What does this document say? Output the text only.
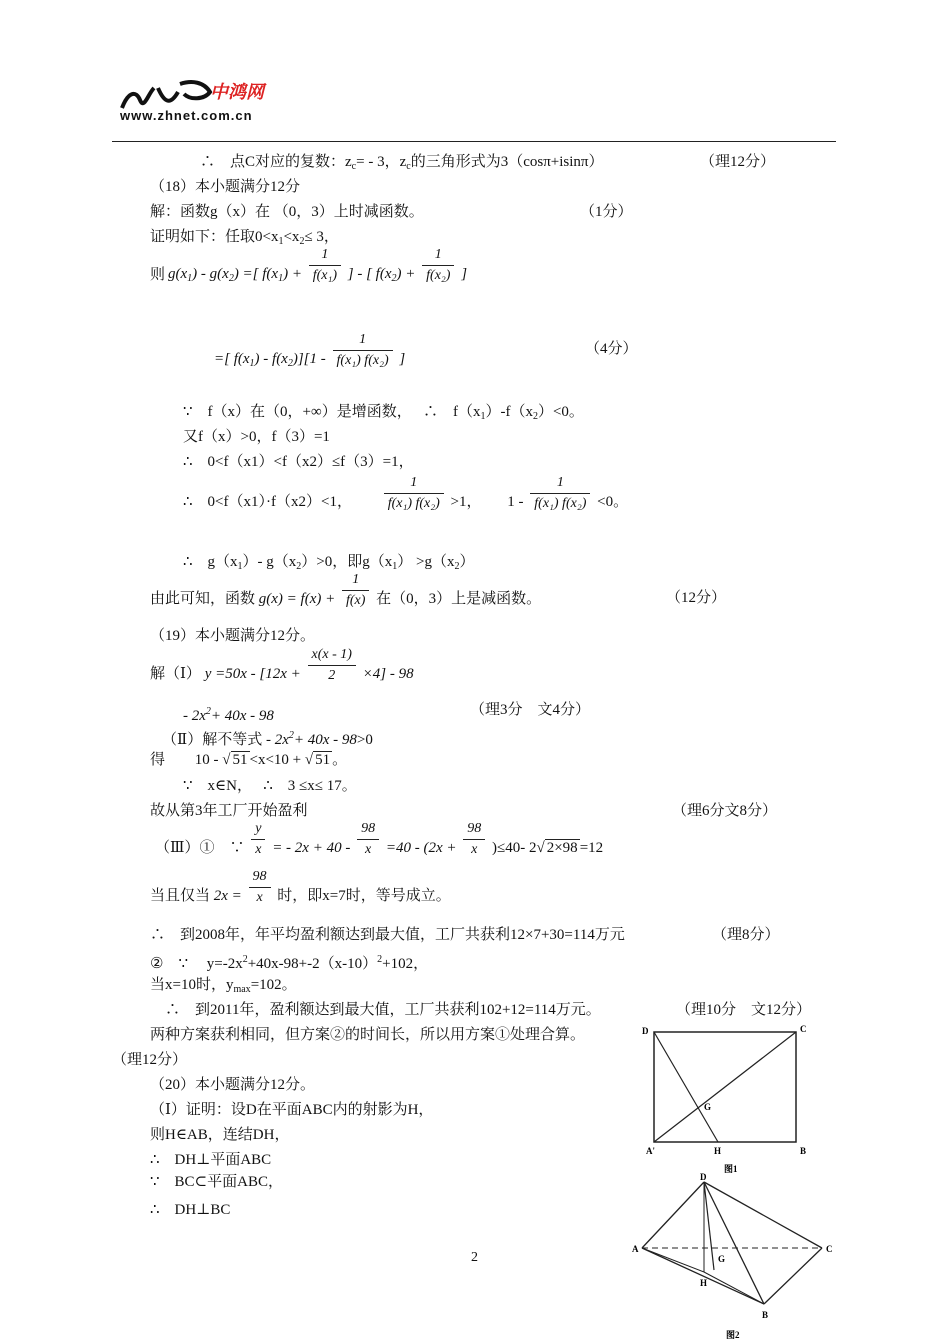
中鸿网
www.zhnet.com.cn
∴　点C对应的复数：$z_c= - 3$，$z_c$的三角形式为3（cosπ+isinπ）	（理12分）
（18）本小题满分12分
解：函数g（x）在 （0，3）上时减函数。	（1分）
证明如下：任取$0<x_1<x_2\le 3$，
则 $g(x_1) - g(x_2)$ =[ $f(x_1) + \frac{1}{\text{f(x₁)}}$ ] - [ $f(x_2) + \frac{1}{\text{f(x₂)}}$ ]
=[ $f(x_1) - f(x_2)][1 - \frac{1}{\text{f(x₁) f(x₂)}}$ ]
（4分）
∵　f（x）在（0，+∞）是增函数，　 ∴　$f(x_1)-f(x_2)<0$。
又f（x）>0，f（3）=1
∴　0<f（x1）<f（x2）≤f（3）=1，
∴　0<f（x1）·f（x2）<1， $\frac{1}{\text{f(x₁) f(x₂)}} >1$， $1 - \frac{1}{\text{f(x₁) f(x₂)}} <0$。
∴　$g(x_1)-$ $g(x_2)>0$，即$g(x_1) >g(x_2)$
由此可知，函数 $g(x) = f(x) + \frac{1}{f(x)}$ 在（0，3）上是减函数。	（12分）
（19）本小题满分12分。
解（Ⅰ） $y =50x - [12x + \frac{x(x - 1)}{2} \times 4] - 98$
- $2x^2+ 40x - 98$	（理3分　文4分）
（Ⅱ）解不等式 - $2x^2+ 40x - 98>0$
得 10 - √ 51 <x<10 + √ 51 。
∵　x∈N，　 ∴　3 ≤x≤ 17。
故从第3年工厂开始盈利	（理6分文8分）
（Ⅲ）①　∵ $\frac{y}{x}$ = - $2x + 40 - \frac{98}{x} =40 - (2x + \frac{98}{x} )\le 40-$ 2√ 2×98 =12
当且仅当 $2x = \frac{98}{x}$ 时，即x=7时，等号成立。
∴　到2008年，年平均盈利额达到最大值，工厂共获利12×7+30=114万元	（理8分）
②　∵　 $y=-2x^2+40x-98+-2(x-10)^2+102$，
当x=10时，$y_{max}=102$。
∴　到2011年，盈利额达到最大值，工厂共获利102+12=114万元。	（理10分　文12分）
两种方案获利相同，但方案②的时间长，所以用方案①处理合算。
（理12分）
（20）本小题满分12分。
（Ⅰ）证明：设D在平面ABC内的射影为H，
则H∈AB，连结DH，
∴　DH⊥平面ABC
∵　BC⊂平面ABC，
∴　DH⊥BC
D	C
A'	H	B
G
图1
D
A	C
G
H
B
图2
2
